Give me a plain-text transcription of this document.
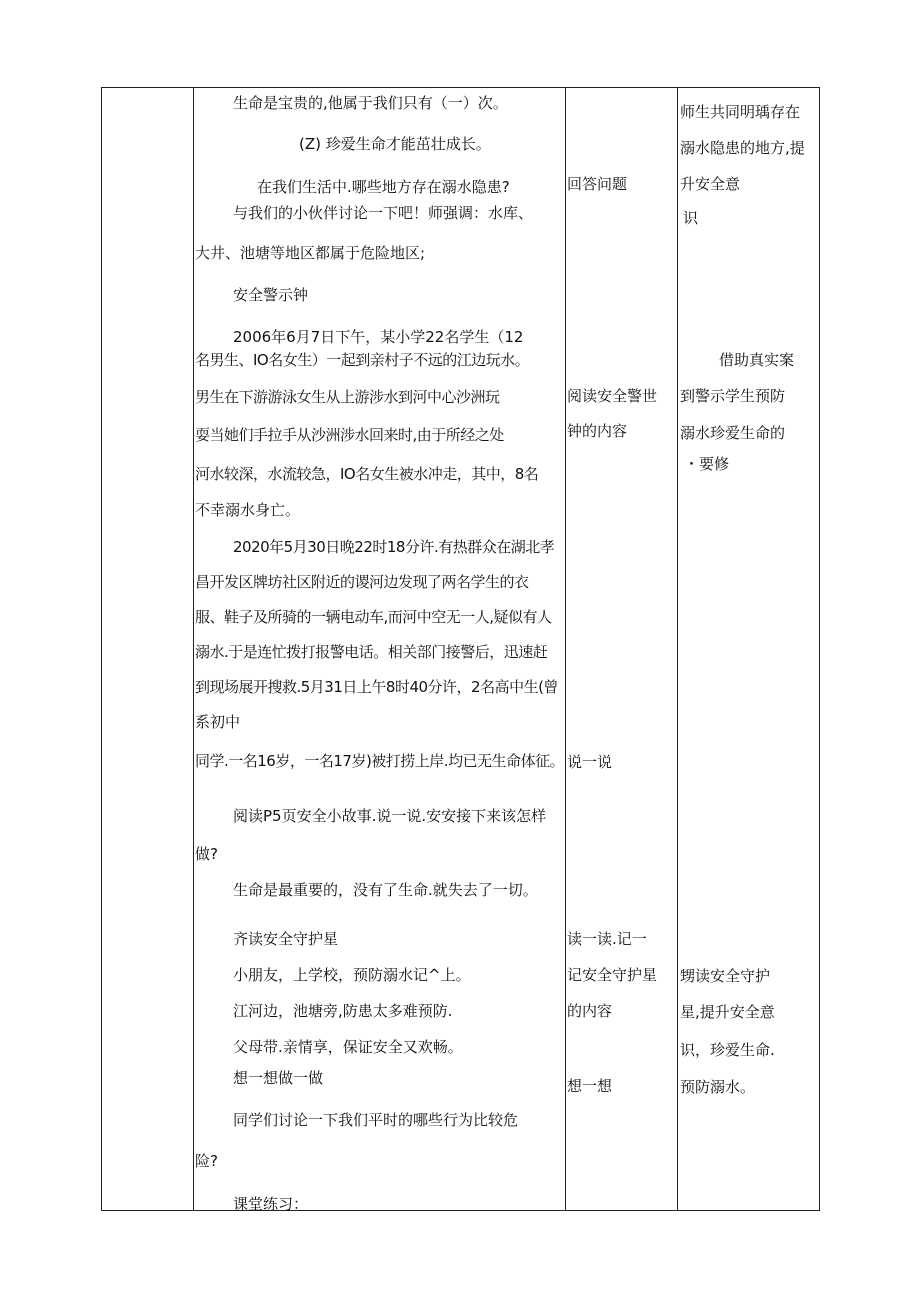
生命是宝贵的,他属于我们只有（一）次。
(Z) 珍爱生命才能茁壮成长。
在我们生活中.哪些地方存在溺水隐患?
与我们的小伙伴讨论一下吧！师强调：水库、
大井、池塘等地区都属于危险地区;
安全警示钟
2006年6月7日下午，某小学22名学生（12
名男生、IO名女生）一起到亲村子不远的江边玩水。
男生在下游游泳女生从上游涉水到河中心沙洲玩
耍当她们手拉手从沙洲涉水回来时,由于所经之处
河水较深，水流较急，IO名女生被水冲走，其中，8名
不幸溺水身亡。
2020年5月30日晚22时18分许.有热群众在湖北孝
昌开发区牌坊社区附近的谡河边发现了两名学生的衣
服、鞋子及所骑的一辆电动车,而河中空无一人,疑似有人
溺水.于是连忙拨打报警电话。相关部门接警后，迅速赶
到现场展开搜救.5月31日上午8时40分许，2名高中生(曾
系初中
同学.一名16岁，一名17岁)被打捞上岸.均已无生命体征。
阅读P5页安全小故事.说一说.安安接下来该怎样
做?
生命是最重要的，没有了生命.就失去了一切。
齐读安全守护星
小朋友，上学校，预防溺水记^上。
江河边，池塘旁,防患太多难预防.
父母带.亲情享，保证安全又欢畅。
想一想做一做
同学们讨论一下我们平时的哪些行为比较危
险?
课堂练习：
回答问题
阅读安全警世
钟的内容
说一说
读一读.记一
记安全守护星
的内容
想一想
师生共同明瑀存在
溺水隐患的地方,提
升安全意
识
借助真实案
到警示学生预防
溺水珍爱生命的
・要修
甥读安全守护
星,提升安全意
识，珍爱生命.
预防溺水。
